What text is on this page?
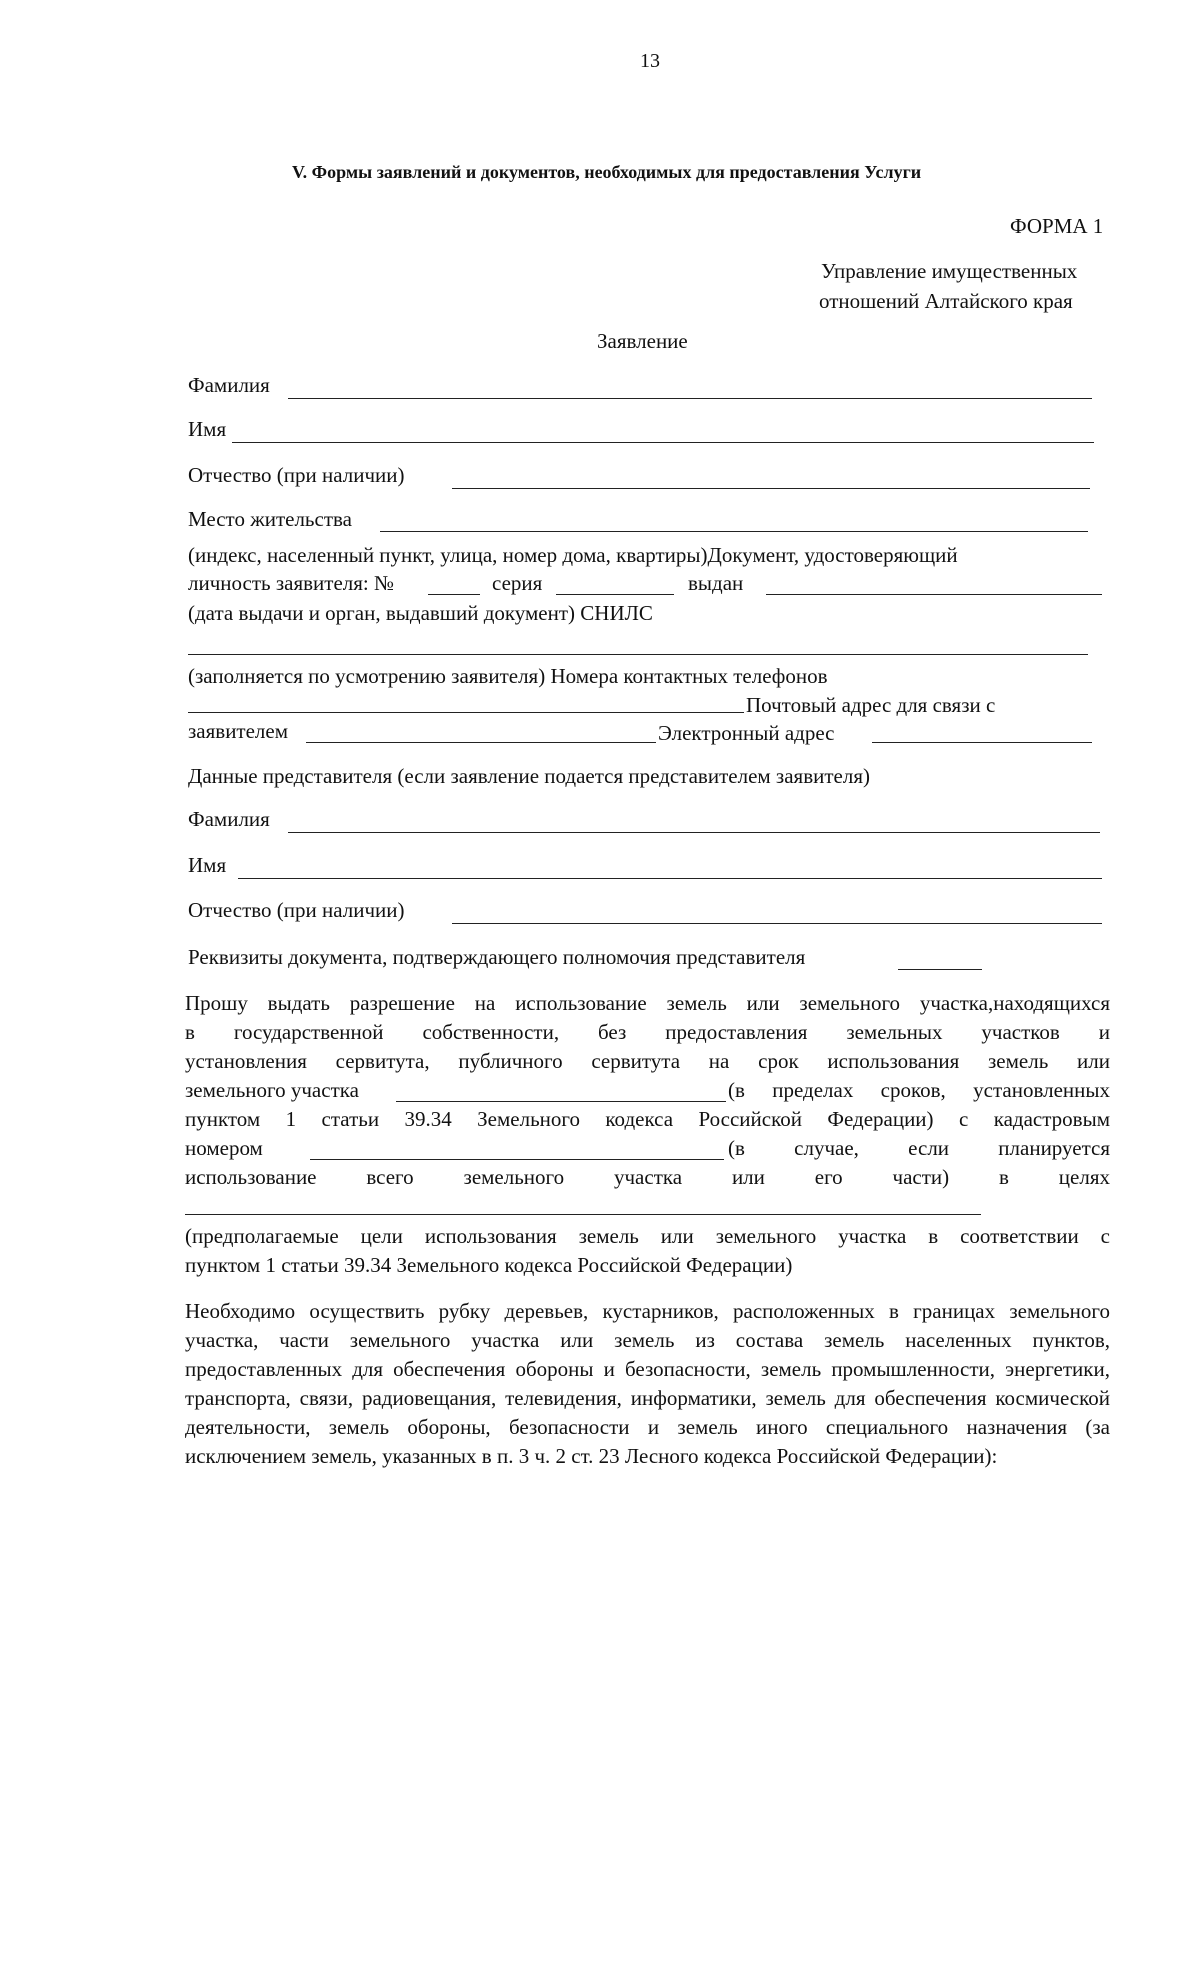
13
V. Формы заявлений и документов, необходимых для предоставления Услуги
ФОРМА 1
Управление имущественных
отношений Алтайского края
Заявление
Фамилия
Имя
Отчество (при наличии)
Место жительства
(индекс, населенный пункт, улица, номер дома, квартиры)Документ, удостоверяющий
личность заявителя: №	серия	выдан
(дата выдачи и орган, выдавший документ) СНИЛС
(заполняется по усмотрению заявителя) Номера контактных телефонов
Почтовый адрес для связи с
заявителем	Электронный адрес
Данные представителя (если заявление подается представителем заявителя)
Фамилия
Имя
Отчество (при наличии)
Реквизиты документа, подтверждающего полномочия представителя
Прошу выдать разрешение на использование земель или земельного участка,находящихся
в государственной собственности, без предоставления земельных участков и
установления сервитута, публичного сервитута на срок использования земель или
земельного участка	(в пределах сроков, установленных
пунктом 1 статьи 39.34 Земельного кодекса Российской Федерации) с кадастровым
номером	(в случае, если планируется
использование всего земельного участка или его части) в целях
(предполагаемые цели использования земель или земельного участка в соответствии с
пунктом 1 статьи 39.34 Земельного кодекса Российской Федерации)
Необходимо осуществить рубку деревьев, кустарников, расположенных в границах земельного участка, части земельного участка или земель из состава земель населенных пунктов, предоставленных для обеспечения обороны и безопасности, земель промышленности, энергетики, транспорта, связи, радиовещания, телевидения, информатики, земель для обеспечения космической деятельности, земель обороны, безопасности и земель иного специального назначения (за исключением земель, указанных в п. 3 ч. 2 ст. 23 Лесного кодекса Российской Федерации):
